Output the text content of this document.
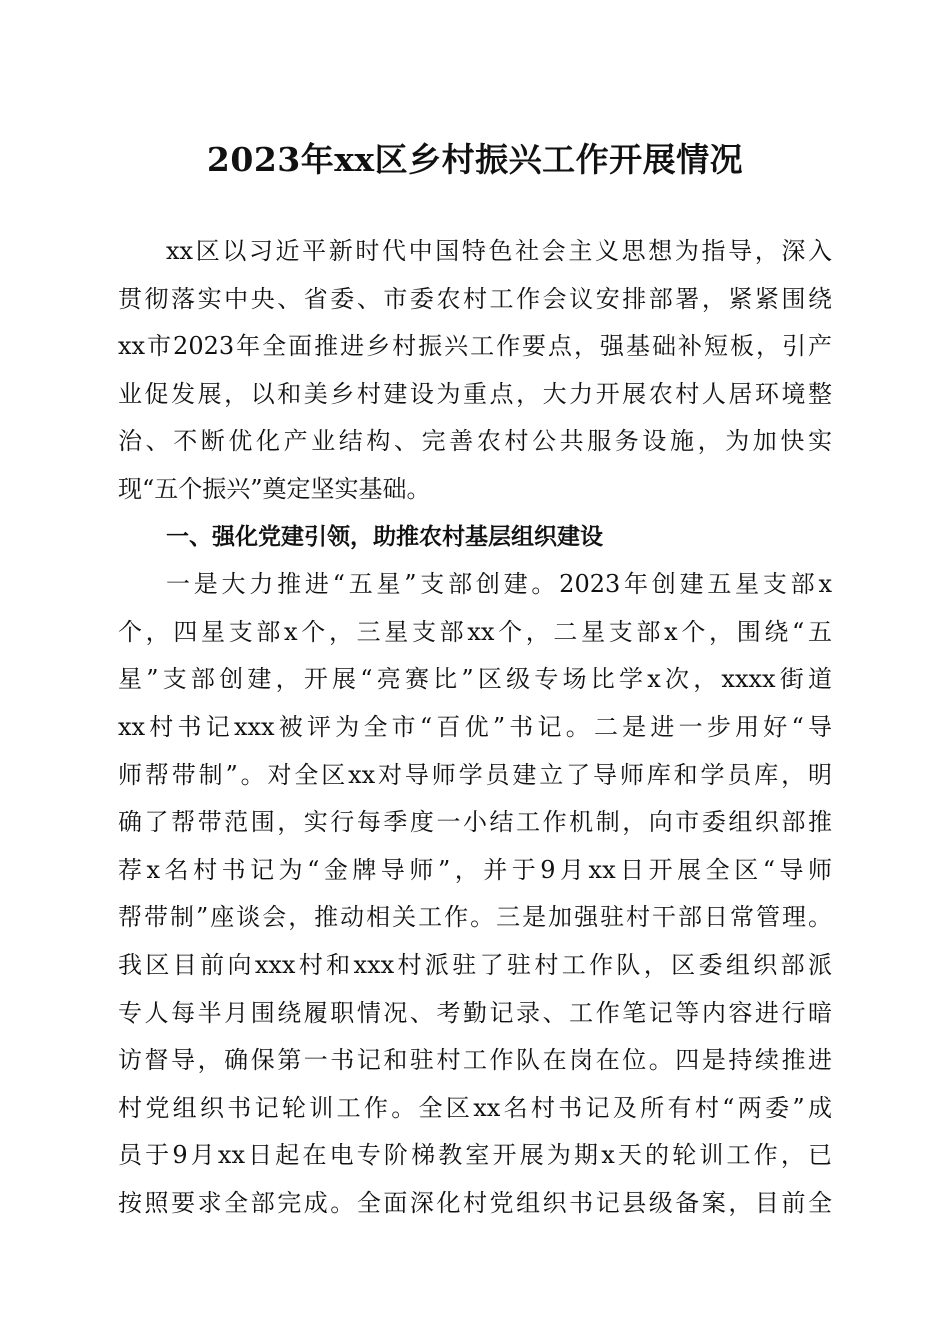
2023年xx区乡村振兴工作开展情况
xx区以习近平新时代中国特色社会主义思想为指导，深入
贯彻落实中央、省委、市委农村工作会议安排部署，紧紧围绕
xx市2023年全面推进乡村振兴工作要点，强基础补短板，引产
业促发展，以和美乡村建设为重点，大力开展农村人居环境整
治、不断优化产业结构、完善农村公共服务设施，为加快实
现“五个振兴”奠定坚实基础。
一、强化党建引领，助推农村基层组织建设
一是大力推进“五星”支部创建。2023年创建五星支部x
个，四星支部x个，三星支部xx个，二星支部x个，围绕“五
星”支部创建，开展“亮赛比”区级专场比学x次，xxxx街道
xx村书记xxx被评为全市“百优”书记。二是进一步用好“导
师帮带制”。对全区xx对导师学员建立了导师库和学员库，明
确了帮带范围，实行每季度一小结工作机制，向市委组织部推
荐x名村书记为“金牌导师”，并于9月xx日开展全区“导师
帮带制”座谈会，推动相关工作。三是加强驻村干部日常管理。
我区目前向xxx村和xxx村派驻了驻村工作队，区委组织部派
专人每半月围绕履职情况、考勤记录、工作笔记等内容进行暗
访督导，确保第一书记和驻村工作队在岗在位。四是持续推进
村党组织书记轮训工作。全区xx名村书记及所有村“两委”成
员于9月xx日起在电专阶梯教室开展为期x天的轮训工作，已
按照要求全部完成。全面深化村党组织书记县级备案，目前全
